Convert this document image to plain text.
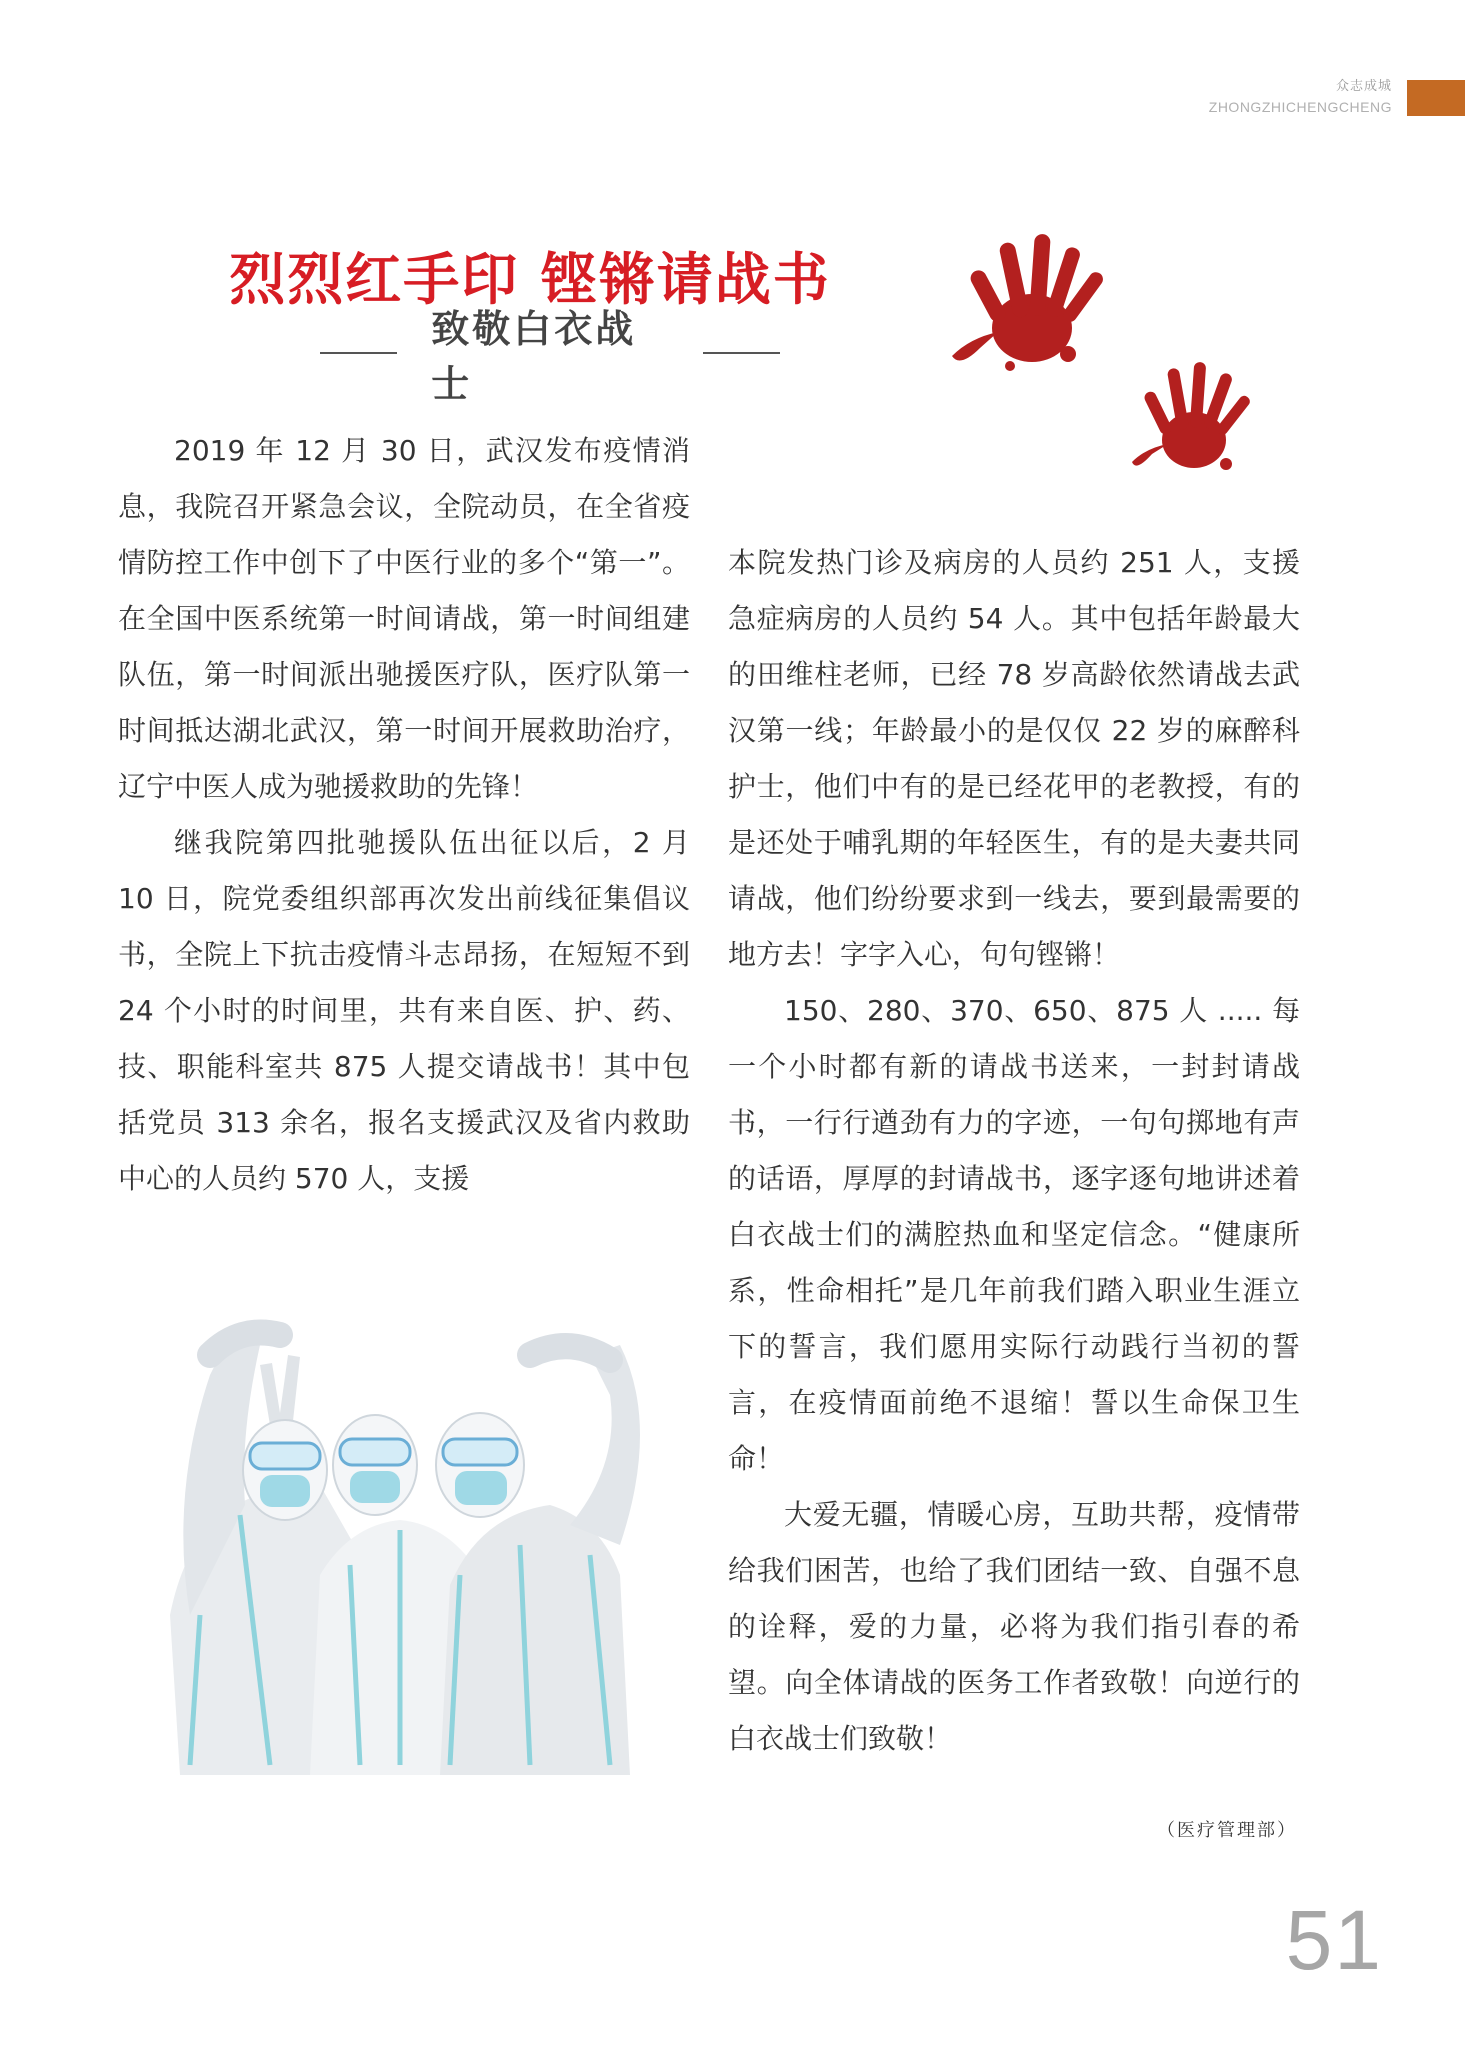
众志成城
ZHONGZHICHENGCHENG
烈烈红手印 铿锵请战书
致敬白衣战士

2019 年 12 月 30 日，武汉发布疫情消息，我院召开紧急会议，全院动员，在全省疫情防控工作中创下了中医行业的多个“第一”。在全国中医系统第一时间请战，第一时间组建队伍，第一时间派出驰援医疗队，医疗队第一时间抵达湖北武汉，第一时间开展救助治疗，辽宁中医人成为驰援救助的先锋！

继我院第四批驰援队伍出征以后，2 月 10 日，院党委组织部再次发出前线征集倡议书，全院上下抗击疫情斗志昂扬，在短短不到 24 个小时的时间里，共有来自医、护、药、技、职能科室共 875 人提交请战书！其中包括党员 313 余名，报名支援武汉及省内救助中心的人员约 570 人，支援

本院发热门诊及病房的人员约 251 人，支援急症病房的人员约 54 人。其中包括年龄最大的田维柱老师，已经 78 岁高龄依然请战去武汉第一线；年龄最小的是仅仅 22 岁的麻醉科护士，他们中有的是已经花甲的老教授，有的是还处于哺乳期的年轻医生，有的是夫妻共同请战，他们纷纷要求到一线去，要到最需要的地方去！字字入心，句句铿锵！

150、280、370、650、875 人 ..... 每一个小时都有新的请战书送来，一封封请战书，一行行遒劲有力的字迹，一句句掷地有声的话语，厚厚的封请战书，逐字逐句地讲述着白衣战士们的满腔热血和坚定信念。“健康所系，性命相托”是几年前我们踏入职业生涯立下的誓言，我们愿用实际行动践行当初的誓言，在疫情面前绝不退缩！誓以生命保卫生命！

大爱无疆，情暖心房，互助共帮，疫情带给我们困苦，也给了我们团结一致、自强不息的诠释，爱的力量，必将为我们指引春的希望。向全体请战的医务工作者致敬！向逆行的白衣战士们致敬！

（医疗管理部）
51
